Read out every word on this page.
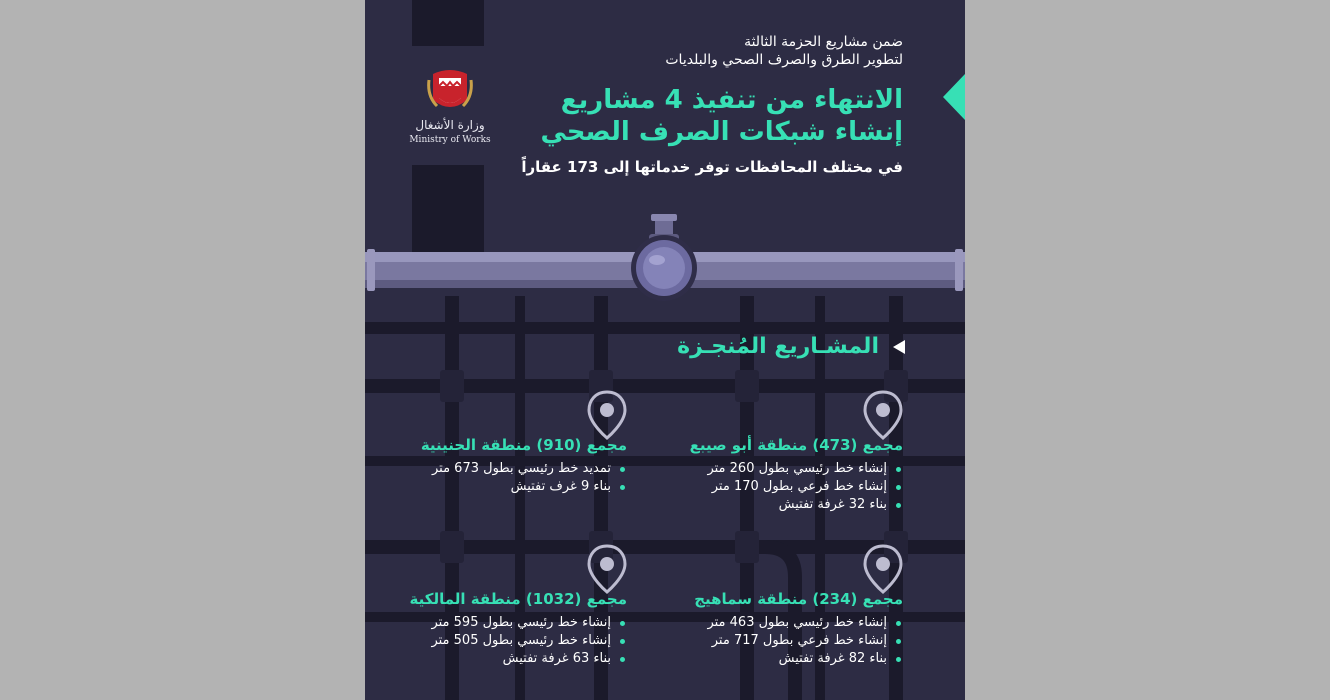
ضمن مشاريع الحزمة الثالثة
لتطوير الطرق والصرف الصحي والبلديات
الانتهاء من تنفيذ 4 مشاريع
إنشاء شبكات الصرف الصحي
في مختلف المحافظات توفر خدماتها إلى 173 عقاراً
وزارة الأشغال
Ministry of Works
المشـاريع المُنجـزة
مجمع (473) منطقة أبو صيبع
إنشاء خط رئيسي بطول 260 متر
إنشاء خط فرعي بطول 170 متر
بناء 32 غرفة تفتيش
مجمع (910) منطقة الحنينية
تمديد خط رئيسي بطول 673 متر
بناء 9 غرف تفتيش
مجمع (234) منطقة سماهيج
إنشاء خط رئيسي بطول 463 متر
إنشاء خط فرعي بطول 717 متر
بناء 82 غرفة تفتيش
مجمع (1032) منطقة المالكية
إنشاء خط رئيسي بطول 595 متر
إنشاء خط رئيسي بطول 505 متر
بناء 63 غرفة تفتيش
